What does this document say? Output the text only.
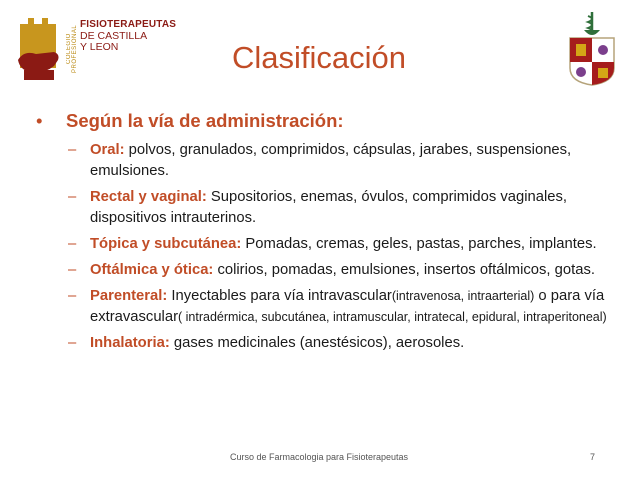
COLEGIO PROFESIONAL
FISIOTERAPEUTAS
DE CASTILLA
Y LEON	Clasificación
• Según la vía de administración:
– Oral: polvos, granulados, comprimidos, cápsulas, jarabes, suspensiones, emulsiones.
– Rectal y vaginal: Supositorios, enemas, óvulos, comprimidos vaginales, dispositivos intrauterinos.
– Tópica y subcutánea: Pomadas, cremas, geles, pastas, parches, implantes.
– Oftálmica y ótica: colirios, pomadas, emulsiones, insertos oftálmicos, gotas.
– Parenteral: Inyectables para vía intravascular(intravenosa, intraarterial) o para vía extravascular( intradérmica, subcutánea, intramuscular, intratecal, epidural, intraperitoneal)
– Inhalatoria: gases medicinales (anestésicos), aerosoles.
Curso de Farmacologia para Fisioterapeutas	7
